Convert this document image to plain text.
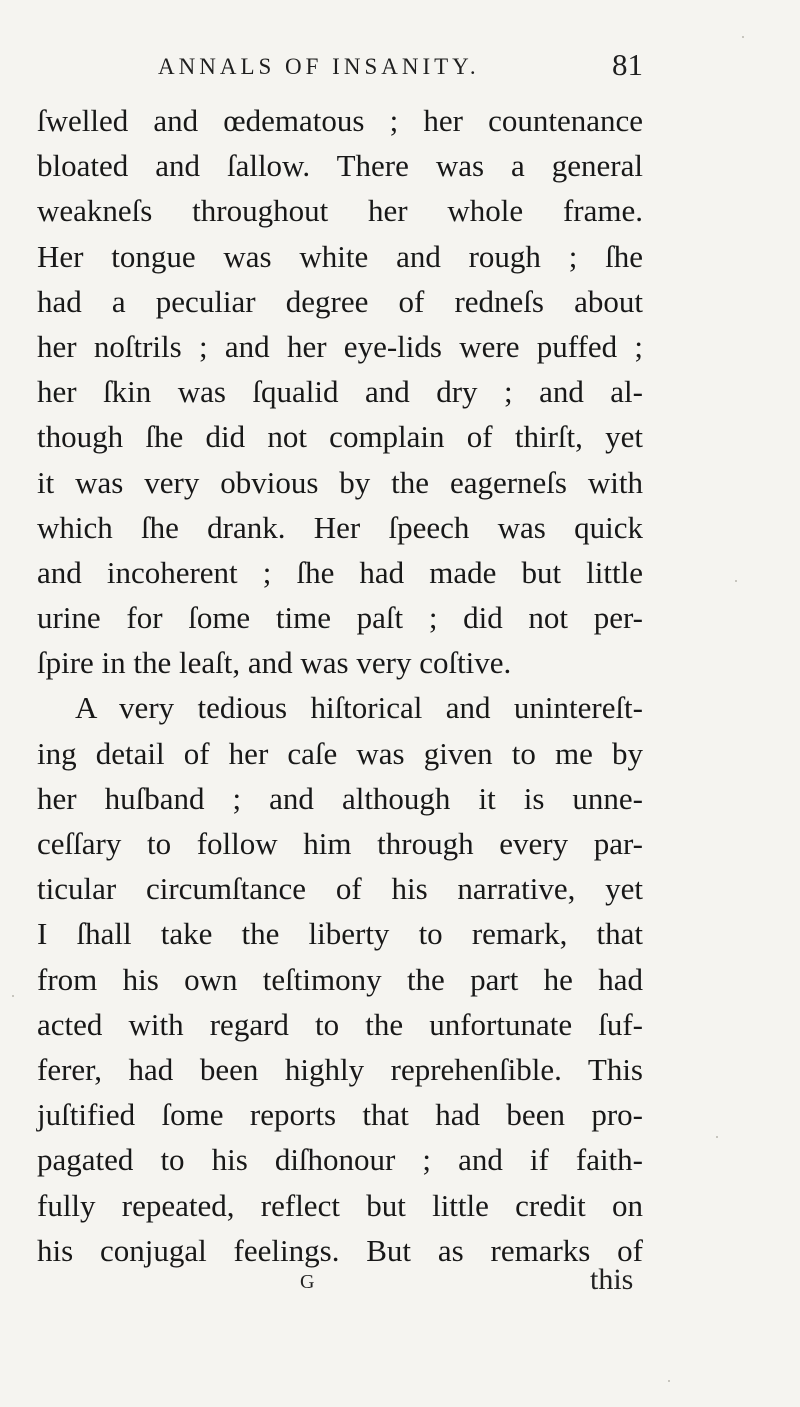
ANNALS OF INSANITY.	81
ſwelled and œdematous ; her countenance
bloated and ſallow. There was a general
weakneſs throughout her whole frame.
Her tongue was white and rough ; ſhe
had a peculiar degree of redneſs about
her noſtrils ; and her eye-lids were puffed ;
her ſkin was ſqualid and dry ; and al-
though ſhe did not complain of thirſt, yet
it was very obvious by the eagerneſs with
which ſhe drank. Her ſpeech was quick
and incoherent ; ſhe had made but little
urine for ſome time paſt ; did not per-
ſpire in the leaſt, and was very coſtive.
A very tedious hiſtorical and unintereſt-
ing detail of her caſe was given to me by
her huſband ; and although it is unne-
ceſſary to follow him through every par-
ticular circumſtance of his narrative, yet
I ſhall take the liberty to remark, that
from his own teſtimony the part he had
acted with regard to the unfortunate ſuf-
ferer, had been highly reprehenſible. This
juſtified ſome reports that had been pro-
pagated to his diſhonour ; and if faith-
fully repeated, reflect but little credit on
his conjugal feelings. But as remarks of
G	this
